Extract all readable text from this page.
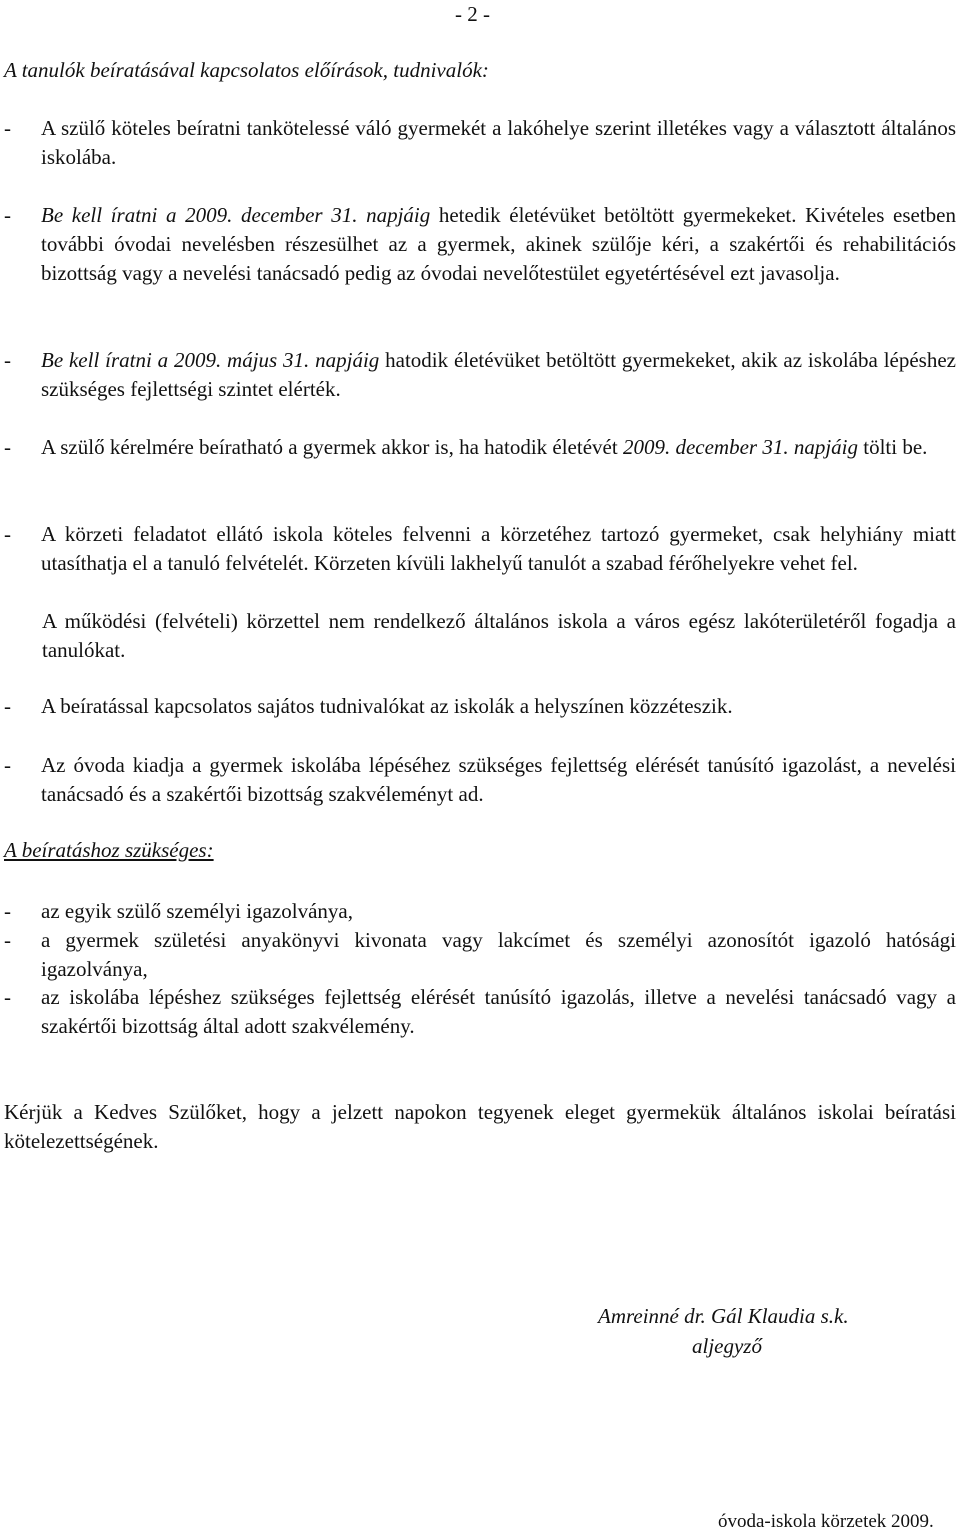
- 2 -
A tanulók beíratásával kapcsolatos előírások, tudnivalók:
- A szülő köteles beíratni tankötelessé váló gyermekét a lakóhelye szerint illetékes vagy a választott általános iskolába.
- Be kell íratni a 2009. december 31. napjáig hetedik életévüket betöltött gyermekeket. Kivételes esetben további óvodai nevelésben részesülhet az a gyermek, akinek szülője kéri, a szakértői és rehabilitációs bizottság vagy a nevelési tanácsadó pedig az óvodai nevelőtestület egyetértésével ezt javasolja.
- Be kell íratni a 2009. május 31. napjáig hatodik életévüket betöltött gyermekeket, akik az iskolába lépéshez szükséges fejlettségi szintet elérték.
- A szülő kérelmére beíratható a gyermek akkor is, ha hatodik életévét 2009. december 31. napjáig tölti be.
- A körzeti feladatot ellátó iskola köteles felvenni a körzetéhez tartozó gyermeket, csak helyhiány miatt utasíthatja el a tanuló felvételét. Körzeten kívüli lakhelyű tanulót a szabad férőhelyekre vehet fel.
A működési (felvételi) körzettel nem rendelkező általános iskola a város egész lakóterületéről fogadja a tanulókat.
- A beíratással kapcsolatos sajátos tudnivalókat az iskolák a helyszínen közzéteszik.
- Az óvoda kiadja a gyermek iskolába lépéséhez szükséges fejlettség elérését tanúsító igazolást, a nevelési tanácsadó és a szakértői bizottság szakvéleményt ad.
A beíratáshoz szükséges:
- az egyik szülő személyi igazolványa,
- a gyermek születési anyakönyvi kivonata vagy lakcímet és személyi azonosítót igazoló hatósági igazolványa,
- az iskolába lépéshez szükséges fejlettség elérését tanúsító igazolás, illetve a nevelési tanácsadó vagy a szakértői bizottság által adott szakvélemény.
Kérjük a Kedves Szülőket, hogy a jelzett napokon tegyenek eleget gyermekük általános iskolai beíratási kötelezettségének.
Amreinné dr. Gál Klaudia s.k.
aljegyző
óvoda-iskola körzetek 2009.
